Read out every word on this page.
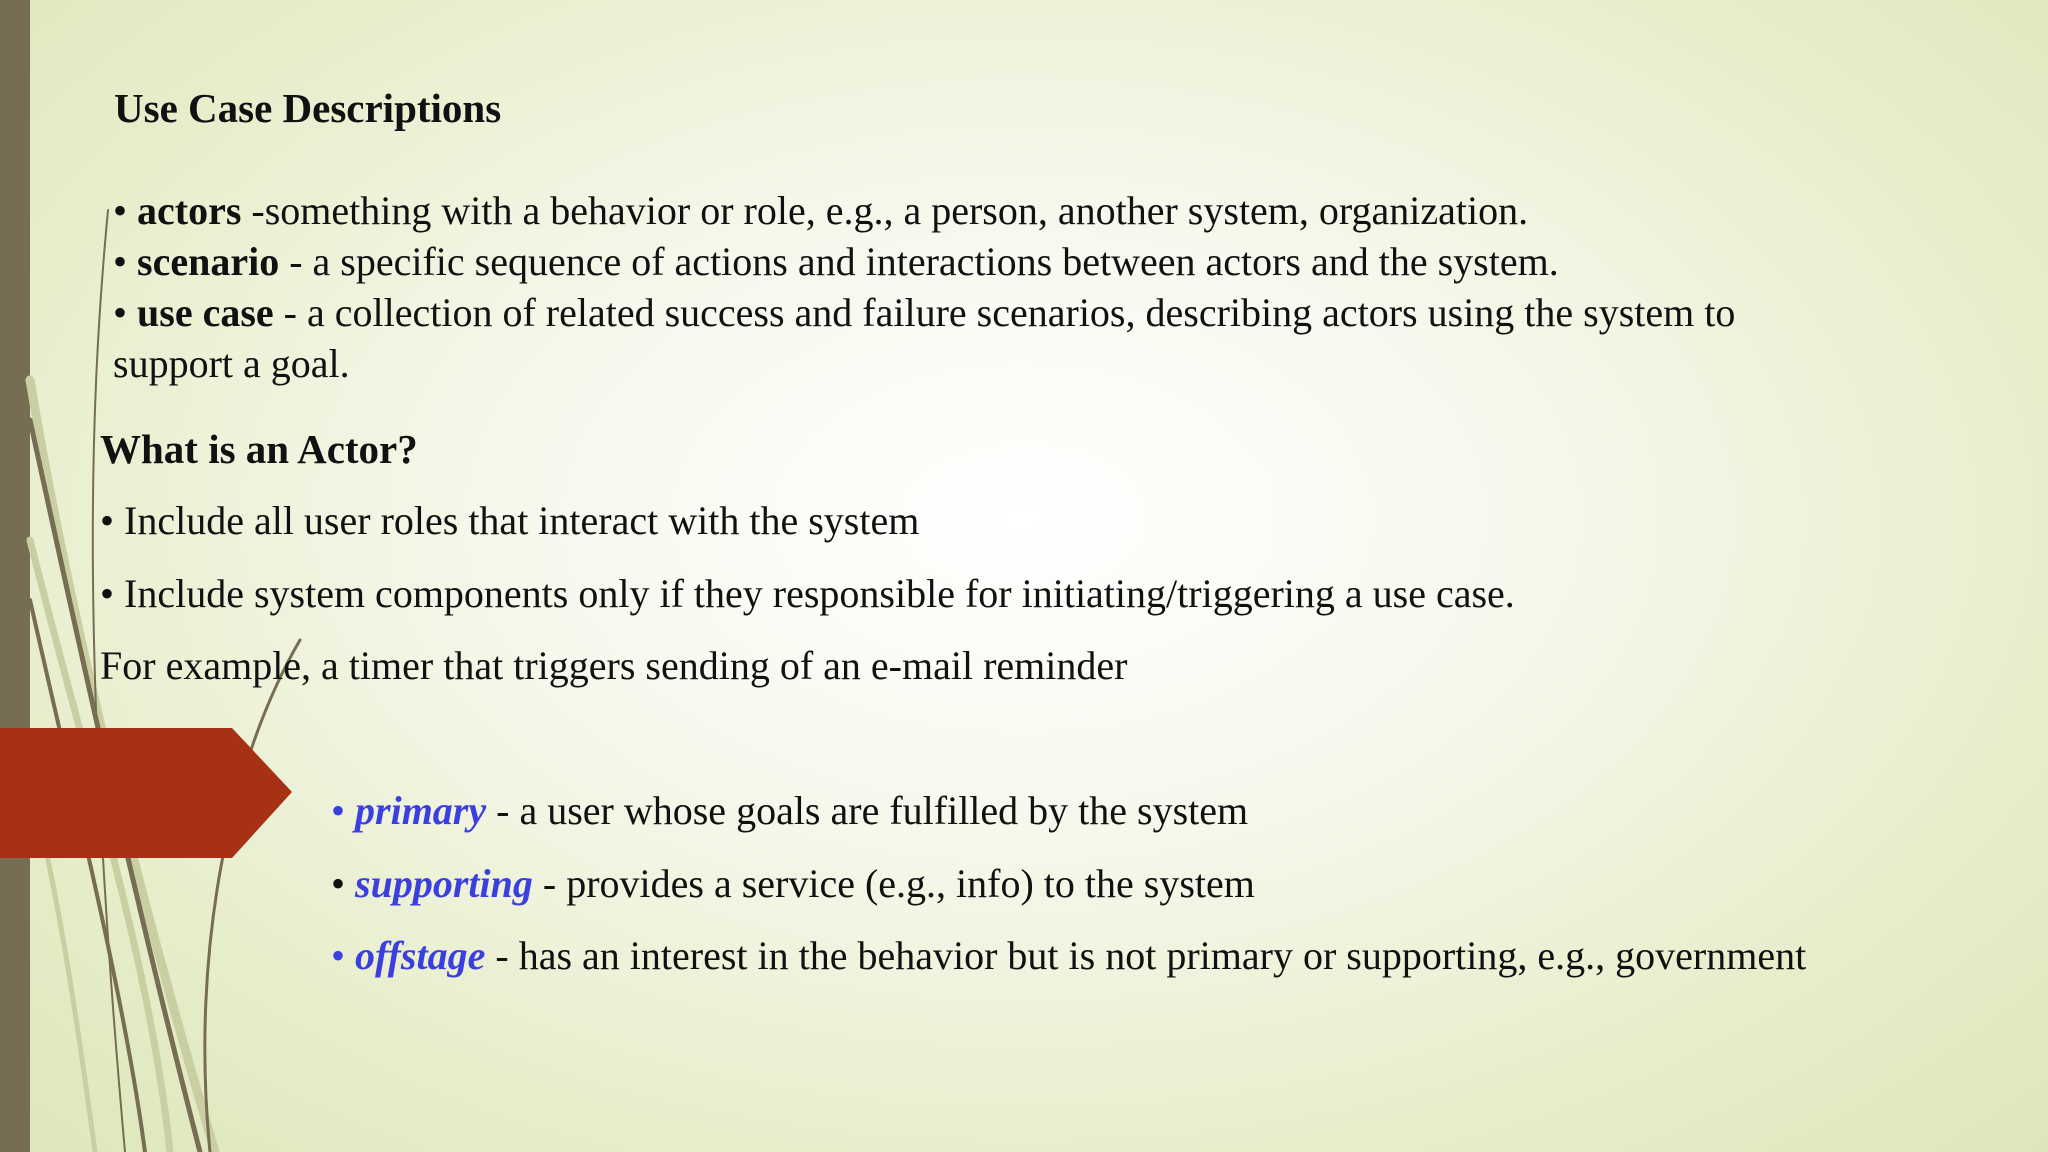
Use Case Descriptions
• actors -something with a behavior or role, e.g., a person, another system, organization.
• scenario - a specific sequence of actions and interactions between actors and the system.
• use case - a collection of related success and failure scenarios, describing actors using the system to
support a goal.
What is an Actor?
• Include all user roles that interact with the system
• Include system components only if they responsible for initiating/triggering a use case.
For example, a timer that triggers sending of an e-mail reminder
• primary - a user whose goals are fulfilled by the system
• supporting - provides a service (e.g., info) to the system
• offstage - has an interest in the behavior but is not primary or supporting, e.g., government
